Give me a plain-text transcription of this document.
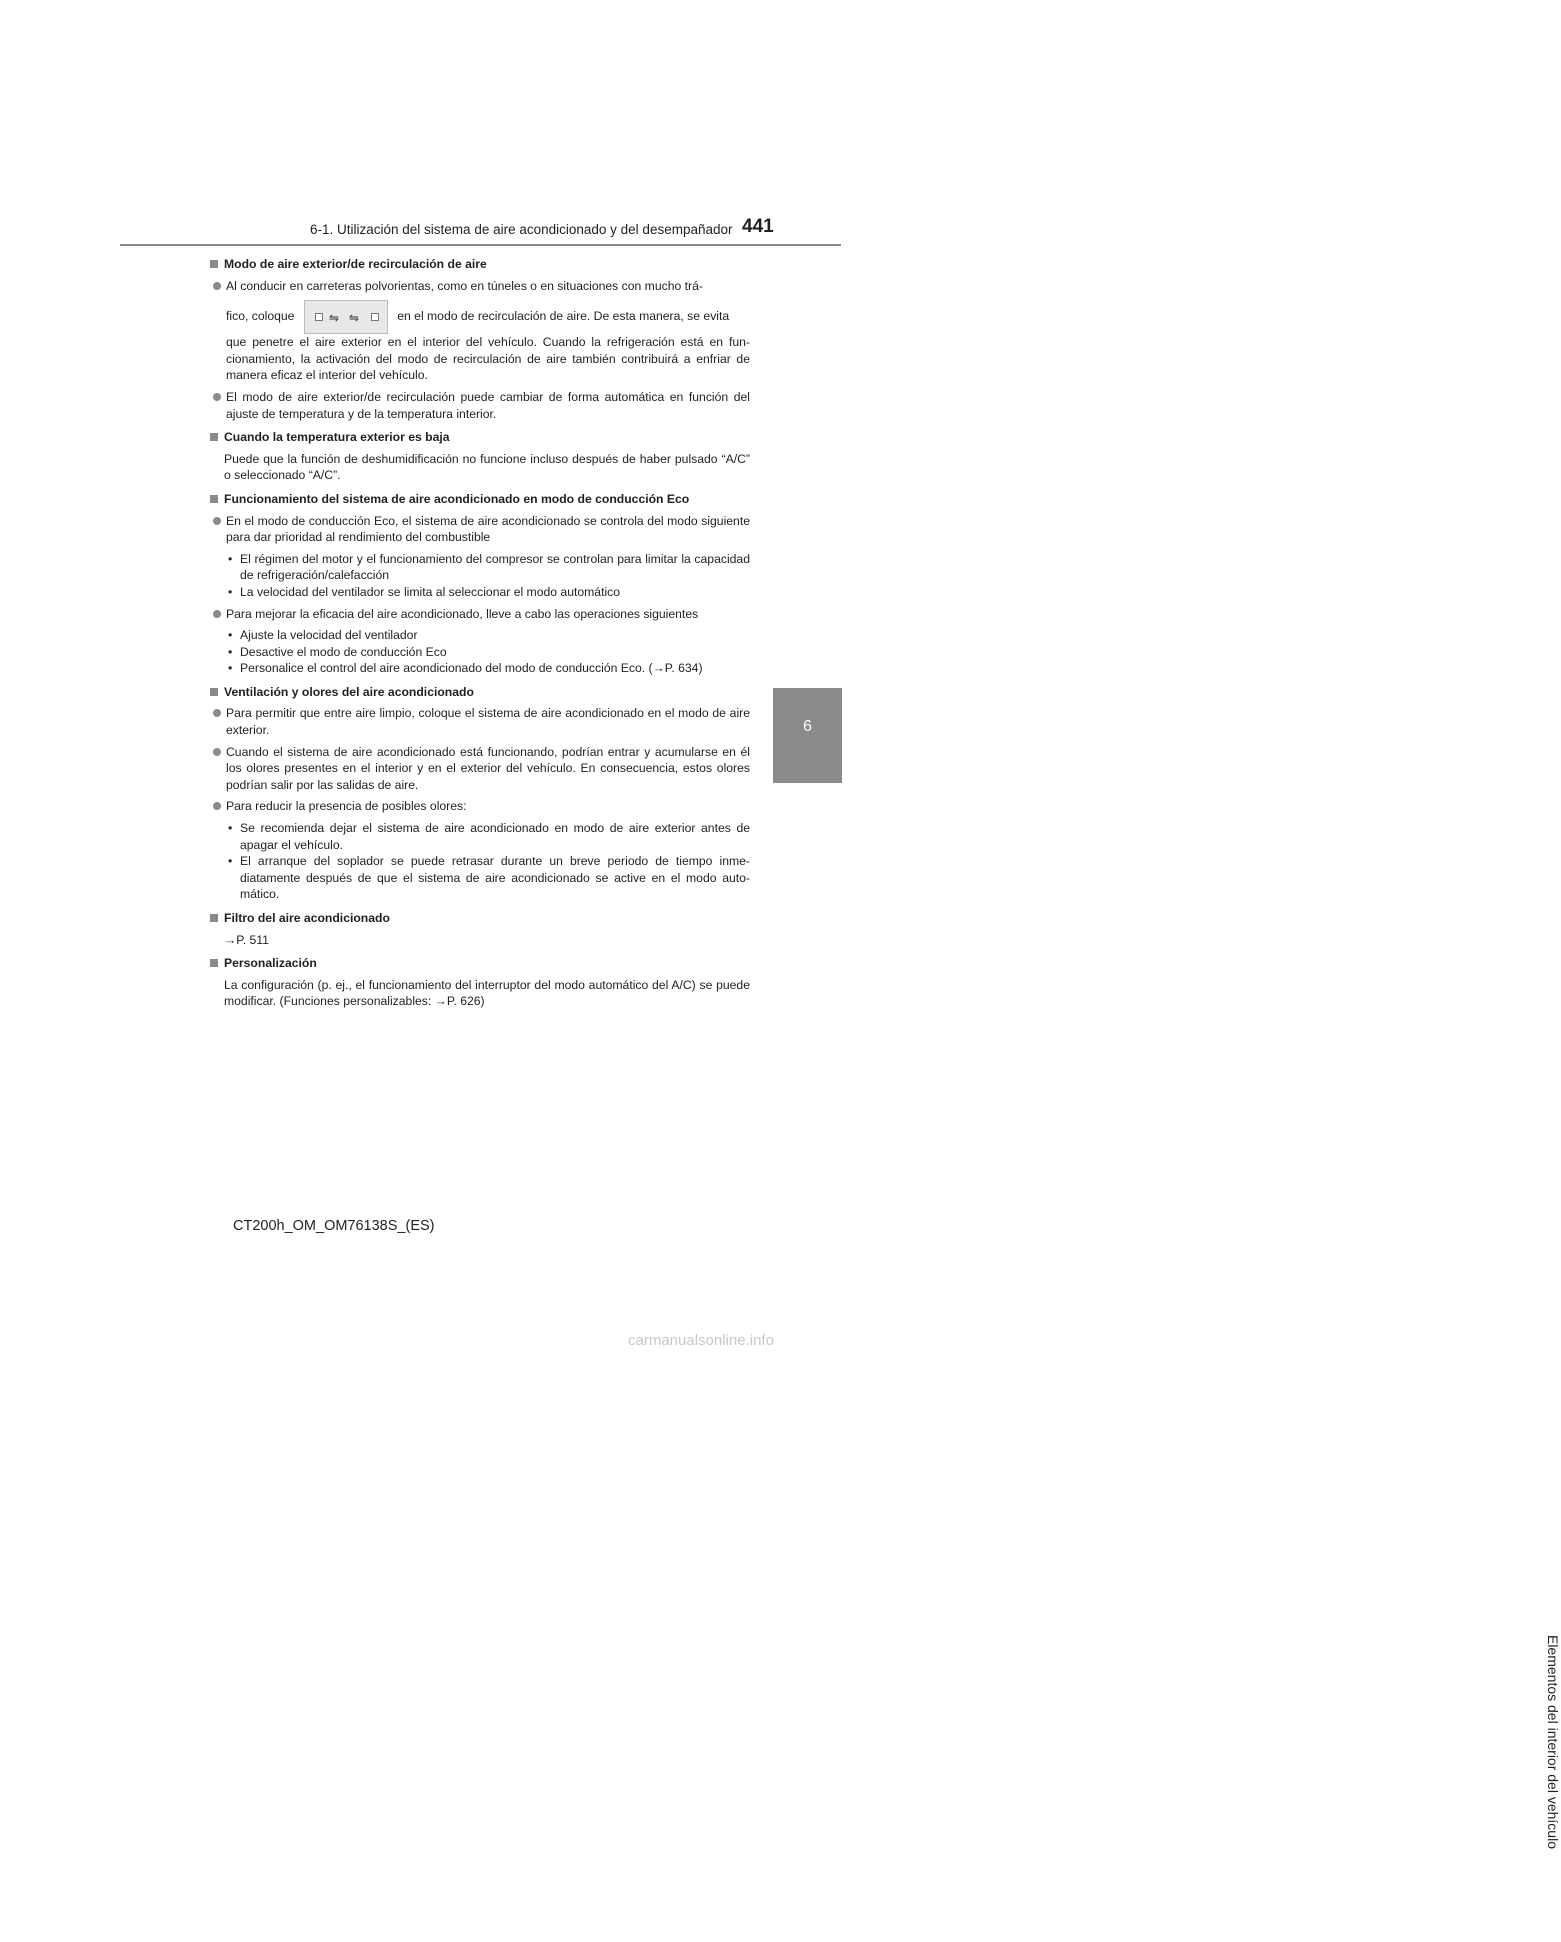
6-1. Utilización del sistema de aire acondicionado y del desempañador 441
6
Elementos del interior del vehículo
Modo de aire exterior/de recirculación de aire
Al conducir en carreteras polvorientas, como en túneles o en situaciones con mucho trá-
fico, coloque	⇋ ⇋	en el modo de recirculación de aire. De esta manera, se evita
que penetre el aire exterior en el interior del vehículo. Cuando la refrigeración está en fun-cionamiento, la activación del modo de recirculación de aire también contribuirá a enfriar de manera eficaz el interior del vehículo.
El modo de aire exterior/de recirculación puede cambiar de forma automática en función del ajuste de temperatura y de la temperatura interior.
Cuando la temperatura exterior es baja
Puede que la función de deshumidificación no funcione incluso después de haber pulsado “A/C” o seleccionado “A/C”.
Funcionamiento del sistema de aire acondicionado en modo de conducción Eco
En el modo de conducción Eco, el sistema de aire acondicionado se controla del modo siguiente para dar prioridad al rendimiento del combustible
• El régimen del motor y el funcionamiento del compresor se controlan para limitar la capacidad de refrigeración/calefacción
• La velocidad del ventilador se limita al seleccionar el modo automático
Para mejorar la eficacia del aire acondicionado, lleve a cabo las operaciones siguientes
• Ajuste la velocidad del ventilador
• Desactive el modo de conducción Eco
• Personalice el control del aire acondicionado del modo de conducción Eco. (→P. 634)
Ventilación y olores del aire acondicionado
Para permitir que entre aire limpio, coloque el sistema de aire acondicionado en el modo de aire exterior.
Cuando el sistema de aire acondicionado está funcionando, podrían entrar y acumularse en él los olores presentes en el interior y en el exterior del vehículo. En consecuencia, estos olores podrían salir por las salidas de aire.
Para reducir la presencia de posibles olores:
• Se recomienda dejar el sistema de aire acondicionado en modo de aire exterior antes de apagar el vehículo.
• El arranque del soplador se puede retrasar durante un breve periodo de tiempo inme-diatamente después de que el sistema de aire acondicionado se active en el modo auto-mático.
Filtro del aire acondicionado
→P. 511
Personalización
La configuración (p. ej., el funcionamiento del interruptor del modo automático del A/C) se puede modificar. (Funciones personalizables: →P. 626)
CT200h_OM_OM76138S_(ES)
carmanualsonline.info
